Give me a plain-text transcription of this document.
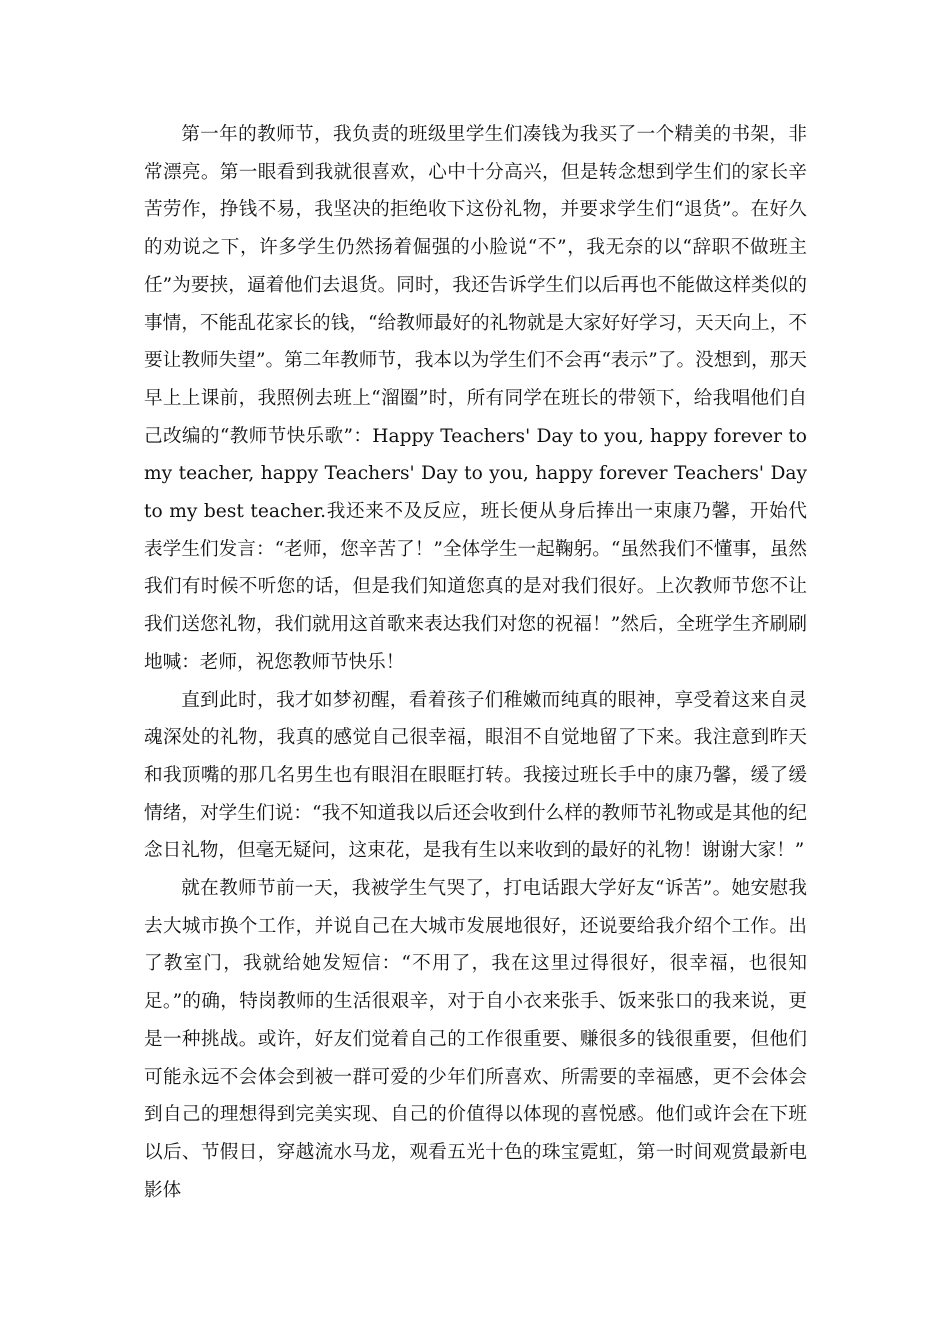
第一年的教师节，我负责的班级里学生们凑钱为我买了一个精美的书架，非常漂亮。第一眼看到我就很喜欢，心中十分高兴，但是转念想到学生们的家长辛苦劳作，挣钱不易，我坚决的拒绝收下这份礼物，并要求学生们“退货”。在好久的劝说之下，许多学生仍然扬着倔强的小脸说“不”，我无奈的以“辞职不做班主任”为要挟，逼着他们去退货。同时，我还告诉学生们以后再也不能做这样类似的事情，不能乱花家长的钱，“给教师最好的礼物就是大家好好学习，天天向上，不要让教师失望”。第二年教师节，我本以为学生们不会再“表示”了。没想到，那天早上上课前，我照例去班上“溜圈”时，所有同学在班长的带领下，给我唱他们自己改编的“教师节快乐歌”：Happy Teachers' Day to you, happy forever to my teacher, happy Teachers' Day to you, happy forever Teachers' Day to my best teacher.我还来不及反应，班长便从身后捧出一束康乃馨，开始代表学生们发言：“老师，您辛苦了！”全体学生一起鞠躬。“虽然我们不懂事，虽然我们有时候不听您的话，但是我们知道您真的是对我们很好。上次教师节您不让我们送您礼物，我们就用这首歌来表达我们对您的祝福！”然后，全班学生齐刷刷地喊：老师，祝您教师节快乐！

直到此时，我才如梦初醒，看着孩子们稚嫩而纯真的眼神，享受着这来自灵魂深处的礼物，我真的感觉自己很幸福，眼泪不自觉地留了下来。我注意到昨天和我顶嘴的那几名男生也有眼泪在眼眶打转。我接过班长手中的康乃馨，缓了缓情绪，对学生们说：“我不知道我以后还会收到什么样的教师节礼物或是其他的纪念日礼物，但毫无疑问，这束花，是我有生以来收到的最好的礼物！谢谢大家！”

就在教师节前一天，我被学生气哭了，打电话跟大学好友“诉苦”。她安慰我去大城市换个工作，并说自己在大城市发展地很好，还说要给我介绍个工作。出了教室门，我就给她发短信：“不用了，我在这里过得很好，很幸福，也很知足。”的确，特岗教师的生活很艰辛，对于自小衣来张手、饭来张口的我来说，更是一种挑战。或许，好友们觉着自己的工作很重要、赚很多的钱很重要，但他们可能永远不会体会到被一群可爱的少年们所喜欢、所需要的幸福感，更不会体会到自己的理想得到完美实现、自己的价值得以体现的喜悦感。他们或许会在下班以后、节假日，穿越流水马龙，观看五光十色的珠宝霓虹，第一时间观赏最新电影体
